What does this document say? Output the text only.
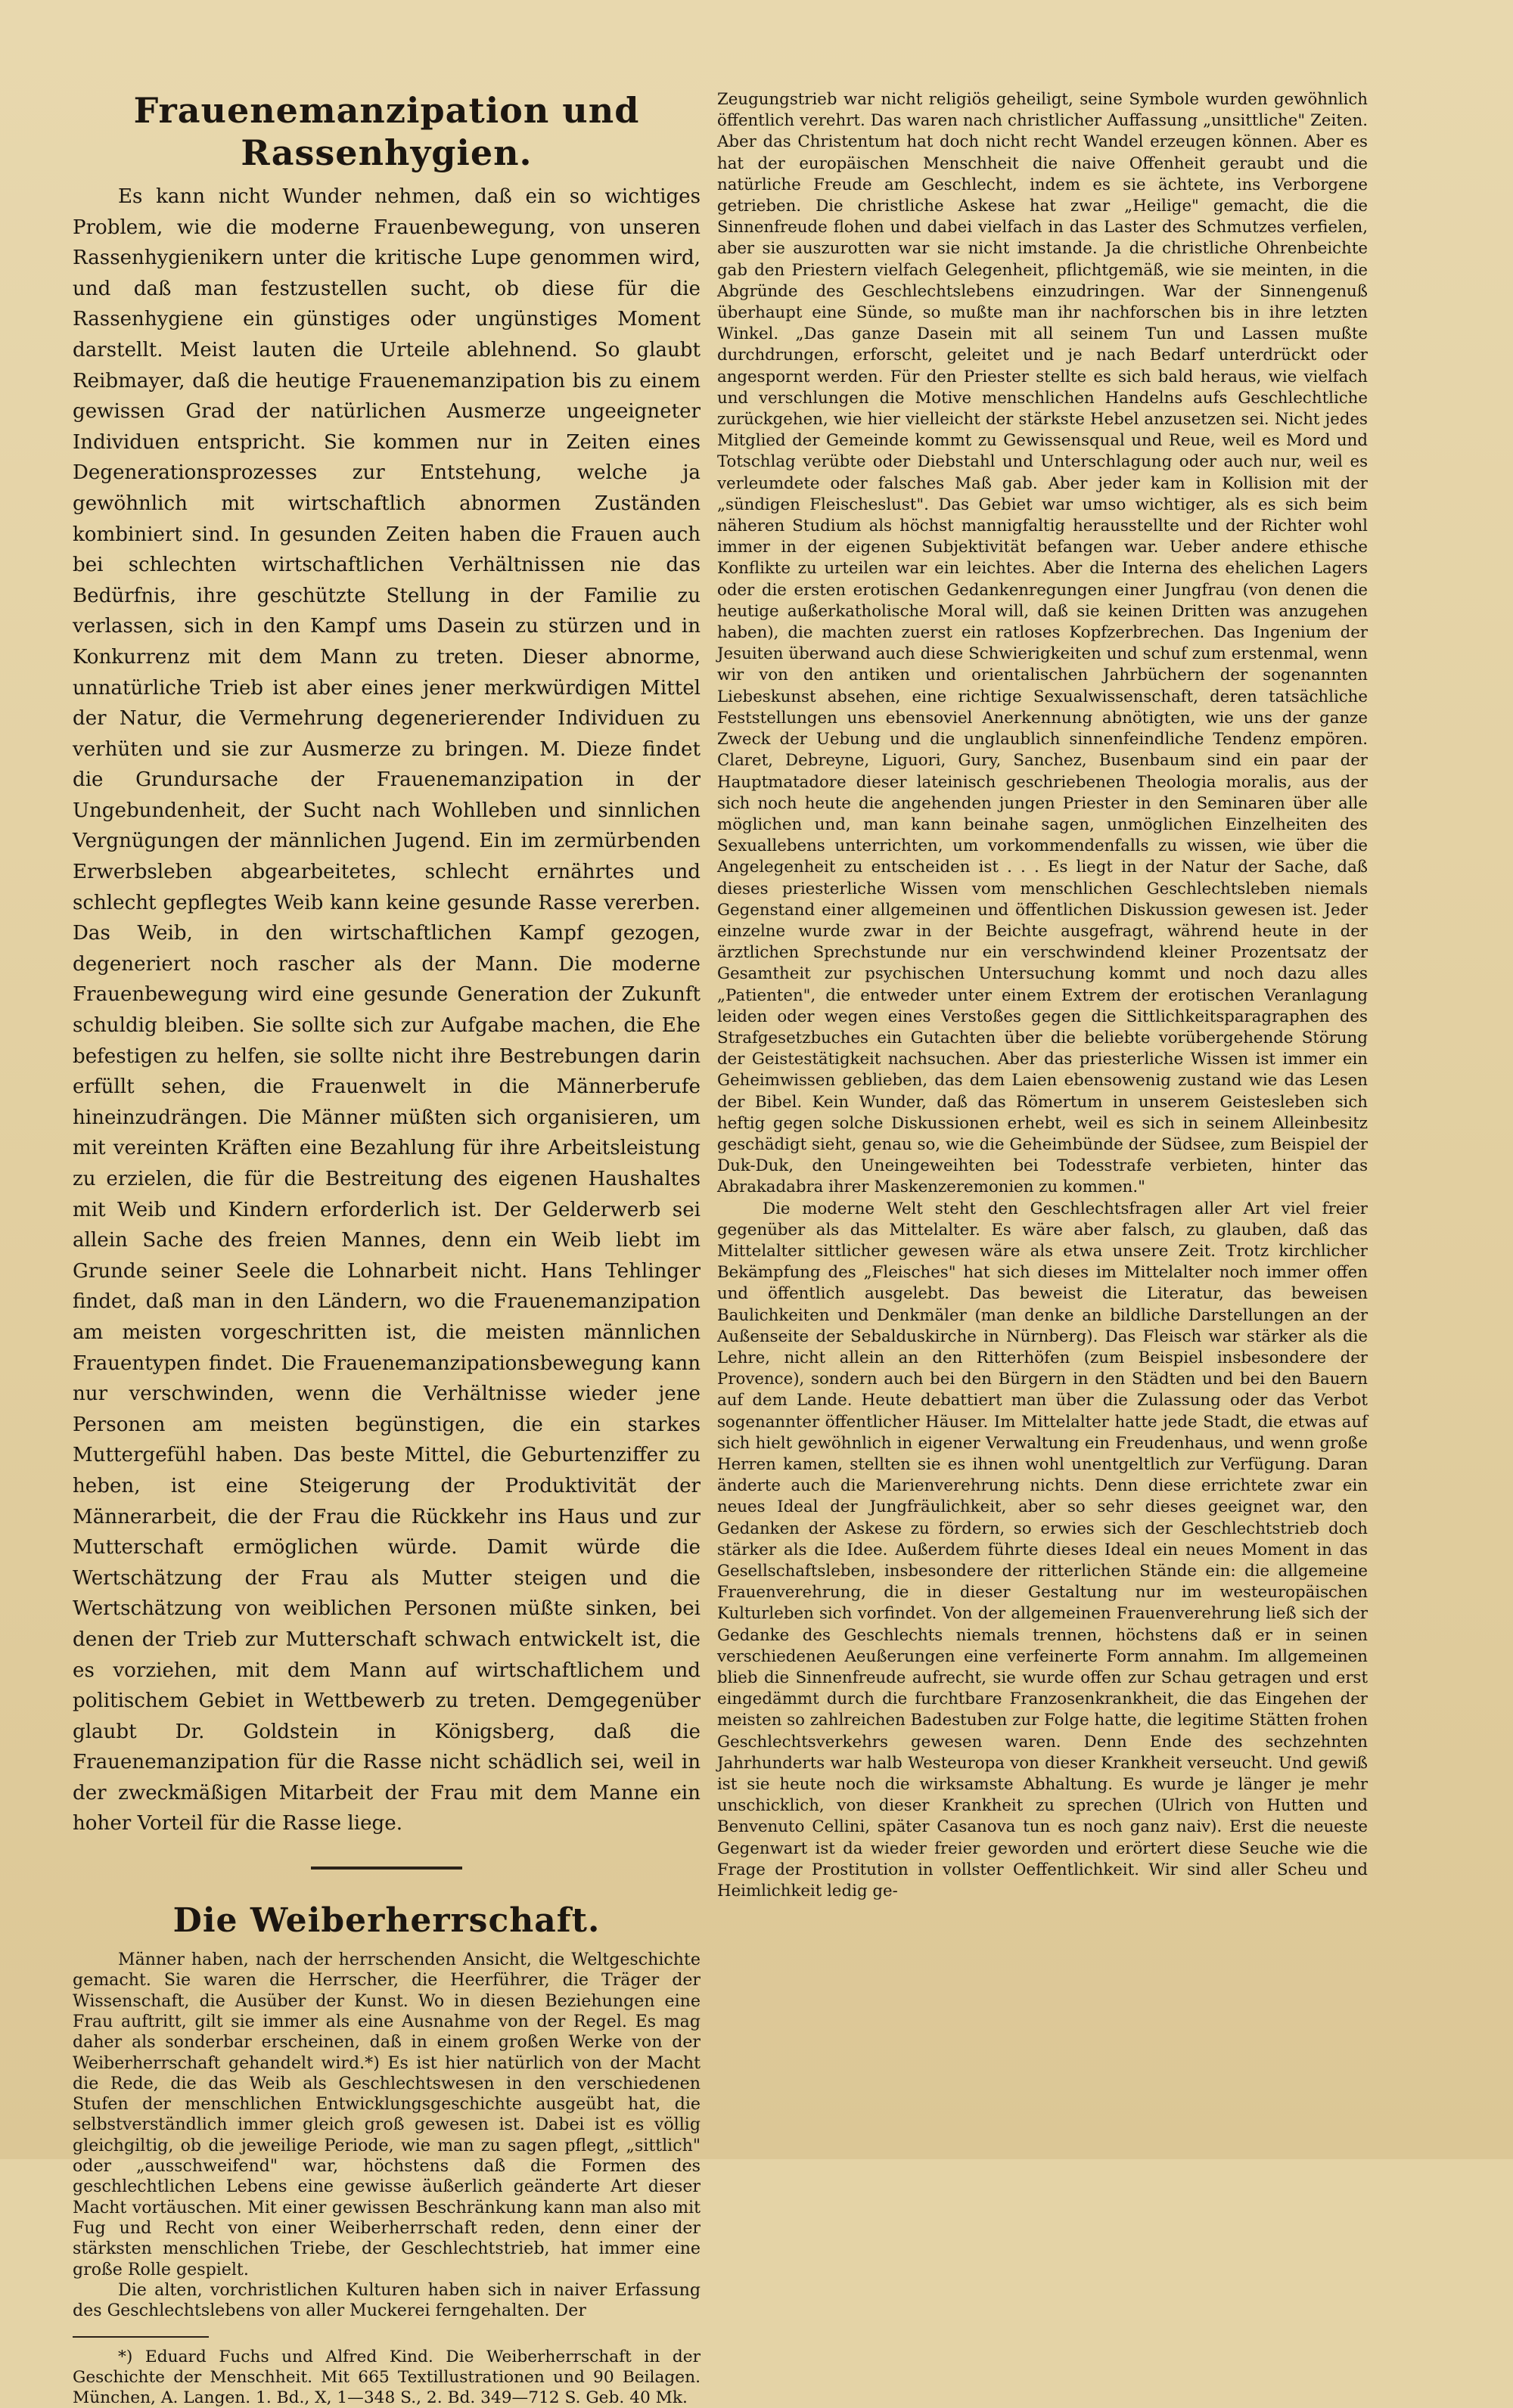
Frauenemanzipation und Rassenhygien.

Es kann nicht Wunder nehmen, daß ein so wichtiges Problem, wie die moderne Frauenbewegung, von unseren Rassenhygienikern unter die kritische Lupe genommen wird, und daß man festzustellen sucht, ob diese für die Rassenhygiene ein günstiges oder ungünstiges Moment darstellt. Meist lauten die Urteile ablehnend. So glaubt Reibmayer, daß die heutige Frauenemanzipation bis zu einem gewissen Grad der natürlichen Ausmerze ungeeigneter Individuen entspricht. Sie kommen nur in Zeiten eines Degenerationsprozesses zur Entstehung, welche ja gewöhnlich mit wirtschaftlich abnormen Zuständen kombiniert sind. In gesunden Zeiten haben die Frauen auch bei schlechten wirtschaftlichen Verhältnissen nie das Bedürfnis, ihre geschützte Stellung in der Familie zu verlassen, sich in den Kampf ums Dasein zu stürzen und in Konkurrenz mit dem Mann zu treten. Dieser abnorme, unnatürliche Trieb ist aber eines jener merkwürdigen Mittel der Natur, die Vermehrung degenerierender Individuen zu verhüten und sie zur Ausmerze zu bringen. M. Dieze findet die Grundursache der Frauenemanzipation in der Ungebundenheit, der Sucht nach Wohlleben und sinnlichen Vergnügungen der männlichen Jugend. Ein im zermürbenden Erwerbsleben abgearbeitetes, schlecht ernährtes und schlecht gepflegtes Weib kann keine gesunde Rasse vererben. Das Weib, in den wirtschaftlichen Kampf gezogen, degeneriert noch rascher als der Mann. Die moderne Frauenbewegung wird eine gesunde Generation der Zukunft schuldig bleiben. Sie sollte sich zur Aufgabe machen, die Ehe befestigen zu helfen, sie sollte nicht ihre Bestrebungen darin erfüllt sehen, die Frauenwelt in die Männerberufe hineinzudrängen. Die Männer müßten sich organisieren, um mit vereinten Kräften eine Bezahlung für ihre Arbeitsleistung zu erzielen, die für die Bestreitung des eigenen Haushaltes mit Weib und Kindern erforderlich ist. Der Gelderwerb sei allein Sache des freien Mannes, denn ein Weib liebt im Grunde seiner Seele die Lohnarbeit nicht. Hans Tehlinger findet, daß man in den Ländern, wo die Frauenemanzipation am meisten vorgeschritten ist, die meisten männlichen Frauentypen findet. Die Frauenemanzipationsbewegung kann nur verschwinden, wenn die Verhältnisse wieder jene Personen am meisten begünstigen, die ein starkes Muttergefühl haben. Das beste Mittel, die Geburtenziffer zu heben, ist eine Steigerung der Produktivität der Männerarbeit, die der Frau die Rückkehr ins Haus und zur Mutterschaft ermöglichen würde. Damit würde die Wertschätzung der Frau als Mutter steigen und die Wertschätzung von weiblichen Personen müßte sinken, bei denen der Trieb zur Mutterschaft schwach entwickelt ist, die es vorziehen, mit dem Mann auf wirtschaftlichem und politischem Gebiet in Wettbewerb zu treten. Demgegenüber glaubt Dr. Goldstein in Königsberg, daß die Frauenemanzipation für die Rasse nicht schädlich sei, weil in der zweckmäßigen Mitarbeit der Frau mit dem Manne ein hoher Vorteil für die Rasse liege.

Die Weiberherrschaft.

Männer haben, nach der herrschenden Ansicht, die Weltgeschichte gemacht. Sie waren die Herrscher, die Heerführer, die Träger der Wissenschaft, die Ausüber der Kunst. Wo in diesen Beziehungen eine Frau auftritt, gilt sie immer als eine Ausnahme von der Regel. Es mag daher als sonderbar erscheinen, daß in einem großen Werke von der Weiberherrschaft gehandelt wird.*) Es ist hier natürlich von der Macht die Rede, die das Weib als Geschlechtswesen in den verschiedenen Stufen der menschlichen Entwicklungsgeschichte ausgeübt hat, die selbstverständlich immer gleich groß gewesen ist. Dabei ist es völlig gleichgiltig, ob die jeweilige Periode, wie man zu sagen pflegt, „sittlich" oder „ausschweifend" war, höchstens daß die Formen des geschlechtlichen Lebens eine gewisse äußerlich geänderte Art dieser Macht vortäuschen. Mit einer gewissen Beschränkung kann man also mit Fug und Recht von einer Weiberherrschaft reden, denn einer der stärksten menschlichen Triebe, der Geschlechtstrieb, hat immer eine große Rolle gespielt.

Die alten, vorchristlichen Kulturen haben sich in naiver Erfassung des Geschlechtslebens von aller Muckerei ferngehalten. Der

*) Eduard Fuchs und Alfred Kind. Die Weiberherrschaft in der Geschichte der Menschheit. Mit 665 Textillustrationen und 90 Beilagen. München, A. Langen. 1. Bd., X, 1—348 S., 2. Bd. 349—712 S. Geb. 40 Mk.

Zeugungstrieb war nicht religiös geheiligt, seine Symbole wurden gewöhnlich öffentlich verehrt. Das waren nach christlicher Auffassung „unsittliche" Zeiten. Aber das Christentum hat doch nicht recht Wandel erzeugen können. Aber es hat der europäischen Menschheit die naive Offenheit geraubt und die natürliche Freude am Geschlecht, indem es sie ächtete, ins Verborgene getrieben. Die christliche Askese hat zwar „Heilige" gemacht, die die Sinnenfreude flohen und dabei vielfach in das Laster des Schmutzes verfielen, aber sie auszurotten war sie nicht imstande. Ja die christliche Ohrenbeichte gab den Priestern vielfach Gelegenheit, pflichtgemäß, wie sie meinten, in die Abgründe des Geschlechtslebens einzudringen. War der Sinnengenuß überhaupt eine Sünde, so mußte man ihr nachforschen bis in ihre letzten Winkel. „Das ganze Dasein mit all seinem Tun und Lassen mußte durchdrungen, erforscht, geleitet und je nach Bedarf unterdrückt oder angespornt werden. Für den Priester stellte es sich bald heraus, wie vielfach und verschlungen die Motive menschlichen Handelns aufs Geschlechtliche zurückgehen, wie hier vielleicht der stärkste Hebel anzusetzen sei. Nicht jedes Mitglied der Gemeinde kommt zu Gewissensqual und Reue, weil es Mord und Totschlag verübte oder Diebstahl und Unterschlagung oder auch nur, weil es verleumdete oder falsches Maß gab. Aber jeder kam in Kollision mit der „sündigen Fleischeslust". Das Gebiet war umso wichtiger, als es sich beim näheren Studium als höchst mannigfaltig herausstellte und der Richter wohl immer in der eigenen Subjektivität befangen war. Ueber andere ethische Konflikte zu urteilen war ein leichtes. Aber die Interna des ehelichen Lagers oder die ersten erotischen Gedankenregungen einer Jungfrau (von denen die heutige außerkatholische Moral will, daß sie keinen Dritten was anzugehen haben), die machten zuerst ein ratloses Kopfzerbrechen. Das Ingenium der Jesuiten überwand auch diese Schwierigkeiten und schuf zum erstenmal, wenn wir von den antiken und orientalischen Jahrbüchern der sogenannten Liebeskunst absehen, eine richtige Sexualwissenschaft, deren tatsächliche Feststellungen uns ebensoviel Anerkennung abnötigten, wie uns der ganze Zweck der Uebung und die unglaublich sinnenfeindliche Tendenz empören. Claret, Debreyne, Liguori, Gury, Sanchez, Busenbaum sind ein paar der Hauptmatadore dieser lateinisch geschriebenen Theologia moralis, aus der sich noch heute die angehenden jungen Priester in den Seminaren über alle möglichen und, man kann beinahe sagen, unmöglichen Einzelheiten des Sexuallebens unterrichten, um vorkommendenfalls zu wissen, wie über die Angelegenheit zu entscheiden ist . . . Es liegt in der Natur der Sache, daß dieses priesterliche Wissen vom menschlichen Geschlechtsleben niemals Gegenstand einer allgemeinen und öffentlichen Diskussion gewesen ist. Jeder einzelne wurde zwar in der Beichte ausgefragt, während heute in der ärztlichen Sprechstunde nur ein verschwindend kleiner Prozentsatz der Gesamtheit zur psychischen Untersuchung kommt und noch dazu alles „Patienten", die entweder unter einem Extrem der erotischen Veranlagung leiden oder wegen eines Verstoßes gegen die Sittlichkeitsparagraphen des Strafgesetzbuches ein Gutachten über die beliebte vorübergehende Störung der Geistestätigkeit nachsuchen. Aber das priesterliche Wissen ist immer ein Geheimwissen geblieben, das dem Laien ebensowenig zustand wie das Lesen der Bibel. Kein Wunder, daß das Römertum in unserem Geistesleben sich heftig gegen solche Diskussionen erhebt, weil es sich in seinem Alleinbesitz geschädigt sieht, genau so, wie die Geheimbünde der Südsee, zum Beispiel der Duk-Duk, den Uneingeweihten bei Todesstrafe verbieten, hinter das Abrakadabra ihrer Maskenzeremonien zu kommen."

Die moderne Welt steht den Geschlechtsfragen aller Art viel freier gegenüber als das Mittelalter. Es wäre aber falsch, zu glauben, daß das Mittelalter sittlicher gewesen wäre als etwa unsere Zeit. Trotz kirchlicher Bekämpfung des „Fleisches" hat sich dieses im Mittelalter noch immer offen und öffentlich ausgelebt. Das beweist die Literatur, das beweisen Baulichkeiten und Denkmäler (man denke an bildliche Darstellungen an der Außenseite der Sebalduskirche in Nürnberg). Das Fleisch war stärker als die Lehre, nicht allein an den Ritterhöfen (zum Beispiel insbesondere der Provence), sondern auch bei den Bürgern in den Städten und bei den Bauern auf dem Lande. Heute debattiert man über die Zulassung oder das Verbot sogenannter öffentlicher Häuser. Im Mittelalter hatte jede Stadt, die etwas auf sich hielt gewöhnlich in eigener Verwaltung ein Freudenhaus, und wenn große Herren kamen, stellten sie es ihnen wohl unentgeltlich zur Verfügung. Daran änderte auch die Marienverehrung nichts. Denn diese errichtete zwar ein neues Ideal der Jungfräulichkeit, aber so sehr dieses geeignet war, den Gedanken der Askese zu fördern, so erwies sich der Geschlechtstrieb doch stärker als die Idee. Außerdem führte dieses Ideal ein neues Moment in das Gesellschaftsleben, insbesondere der ritterlichen Stände ein: die allgemeine Frauenverehrung, die in dieser Gestaltung nur im westeuropäischen Kulturleben sich vorfindet. Von der allgemeinen Frauenverehrung ließ sich der Gedanke des Geschlechts niemals trennen, höchstens daß er in seinen verschiedenen Aeußerungen eine verfeinerte Form annahm. Im allgemeinen blieb die Sinnenfreude aufrecht, sie wurde offen zur Schau getragen und erst eingedämmt durch die furchtbare Franzosenkrankheit, die das Eingehen der meisten so zahlreichen Badestuben zur Folge hatte, die legitime Stätten frohen Geschlechtsverkehrs gewesen waren. Denn Ende des sechzehnten Jahrhunderts war halb Westeuropa von dieser Krankheit verseucht. Und gewiß ist sie heute noch die wirksamste Abhaltung. Es wurde je länger je mehr unschicklich, von dieser Krankheit zu sprechen (Ulrich von Hutten und Benvenuto Cellini, später Casanova tun es noch ganz naiv). Erst die neueste Gegenwart ist da wieder freier geworden und erörtert diese Seuche wie die Frage der Prostitution in vollster Oeffentlichkeit. Wir sind aller Scheu und Heimlichkeit ledig ge-
